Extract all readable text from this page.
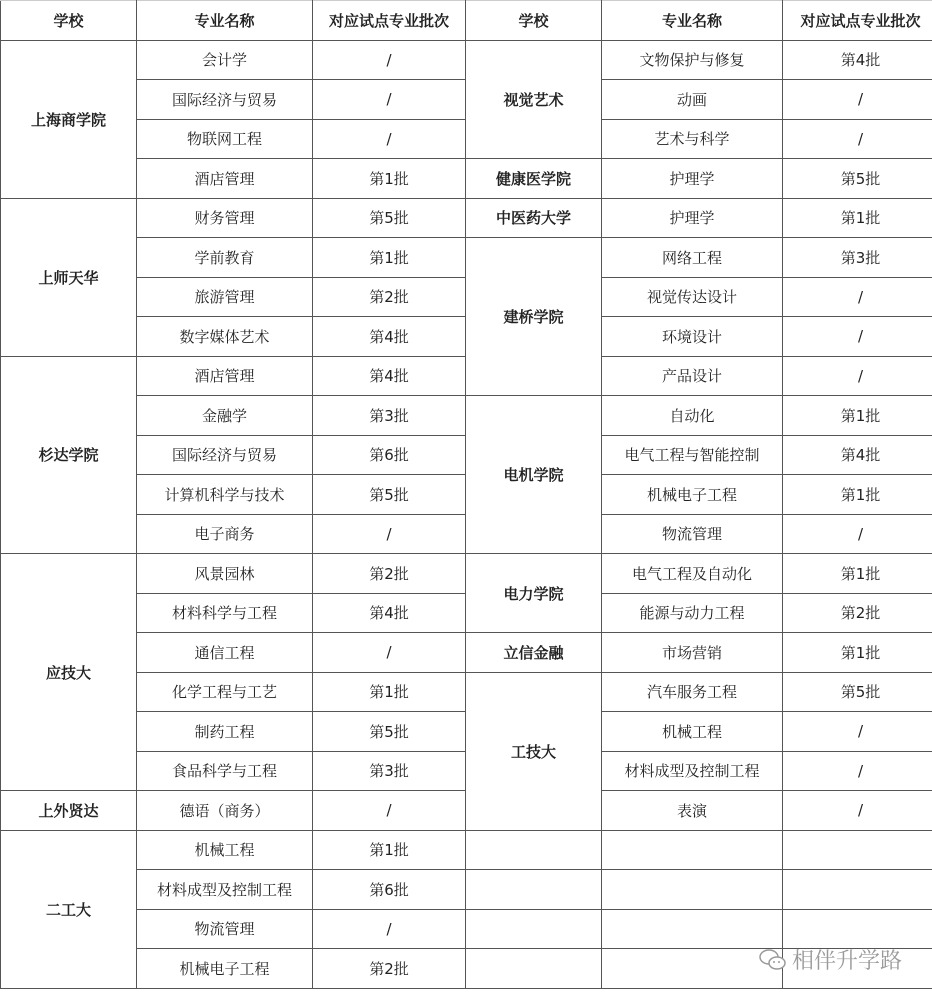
学校	专业名称	对应试点专业批次	学校	专业名称	对应试点专业批次
上海商学院	会计学	/	视觉艺术	文物保护与修复	第4批
	国际经济与贸易	/		动画	/
	物联网工程	/		艺术与科学	/
	酒店管理	第1批	健康医学院	护理学	第5批
上师天华	财务管理	第5批	中医药大学	护理学	第1批
	学前教育	第1批	建桥学院	网络工程	第3批
	旅游管理	第2批		视觉传达设计	/
	数字媒体艺术	第4批		环境设计	/
杉达学院	酒店管理	第4批		产品设计	/
	金融学	第3批	电机学院	自动化	第1批
	国际经济与贸易	第6批		电气工程与智能控制	第4批
	计算机科学与技术	第5批		机械电子工程	第1批
	电子商务	/		物流管理	/
应技大	风景园林	第2批	电力学院	电气工程及自动化	第1批
	材料科学与工程	第4批		能源与动力工程	第2批
	通信工程	/	立信金融	市场营销	第1批
	化学工程与工艺	第1批	工技大	汽车服务工程	第5批
	制药工程	第5批		机械工程	/
	食品科学与工程	第3批		材料成型及控制工程	/
上外贤达	德语（商务）	/		表演	/
二工大	机械工程	第1批			
	材料成型及控制工程	第6批			
	物流管理	/			
	机械电子工程	第2批				相伴升学路
